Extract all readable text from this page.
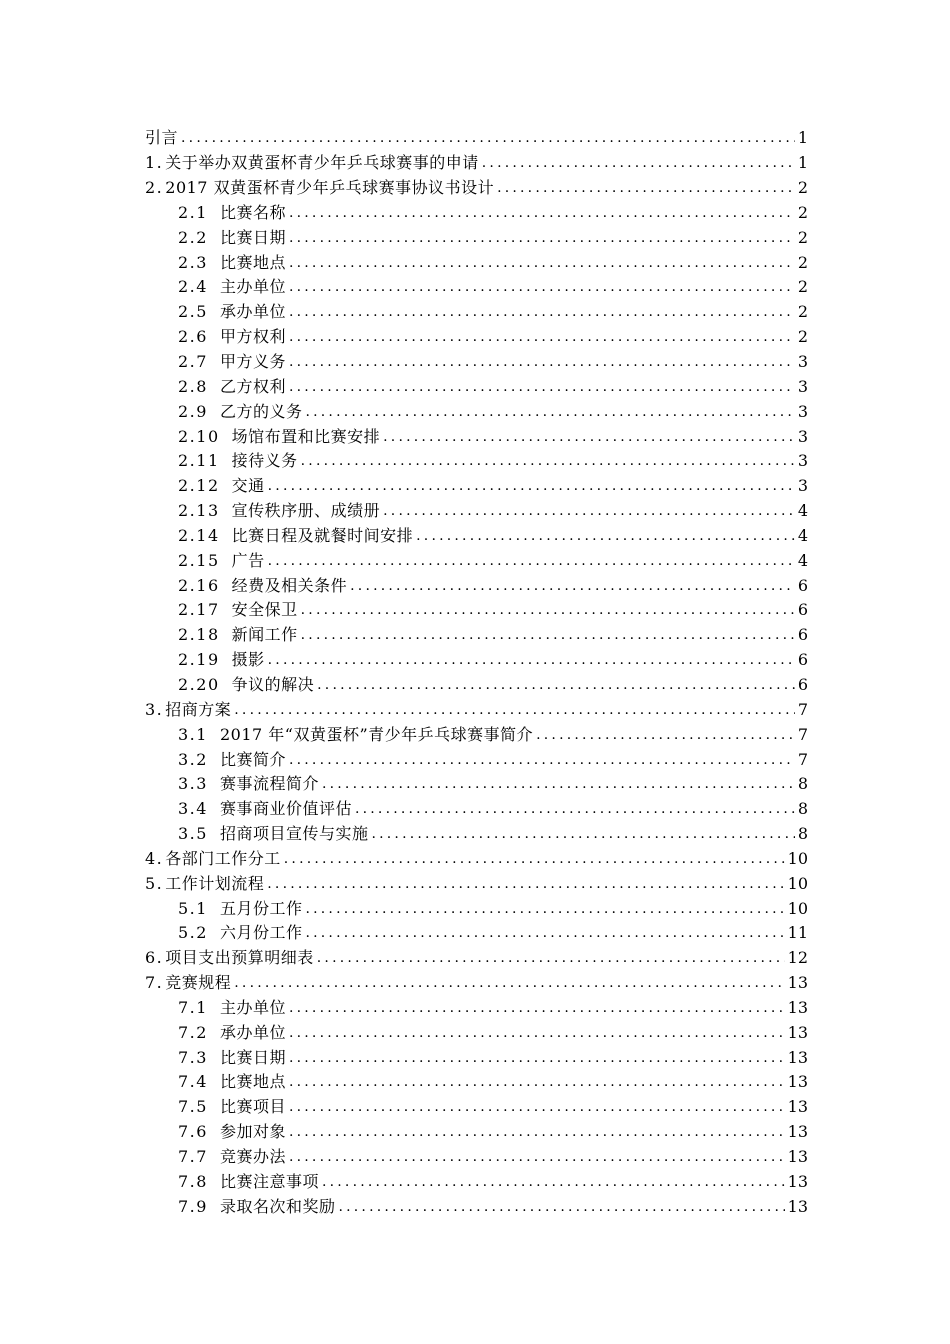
引言 .....	1
1. 关于举办双黄蛋杯青少年乒乓球赛事的申请 .....	1
2. 2017 双黄蛋杯青少年乒乓球赛事协议书设计 .....	2
2.1 比赛名称 .....	2
2.2 比赛日期 .....	2
2.3 比赛地点 .....	2
2.4 主办单位 .....	2
2.5 承办单位 .....	2
2.6 甲方权利 .....	2
2.7 甲方义务 .....	3
2.8 乙方权利 .....	3
2.9 乙方的义务 .....	3
2.10 场馆布置和比赛安排 .....	3
2.11 接待义务 .....	3
2.12 交通 .....	3
2.13 宣传秩序册、成绩册 .....	4
2.14 比赛日程及就餐时间安排 .....	4
2.15 广告 .....	4
2.16 经费及相关条件 .....	6
2.17 安全保卫 .....	6
2.18 新闻工作 .....	6
2.19 摄影 .....	6
2.20 争议的解决 .....	6
3. 招商方案 .....	7
3.1 2017 年“双黄蛋杯”青少年乒乓球赛事简介 .....	7
3.2 比赛简介 .....	7
3.3 赛事流程简介 .....	8
3.4 赛事商业价值评估 .....	8
3.5 招商项目宣传与实施 .....	8
4. 各部门工作分工 .....	10
5. 工作计划流程 .....	10
5.1 五月份工作 .....	10
5.2 六月份工作 .....	11
6. 项目支出预算明细表 .....	12
7. 竞赛规程 .....	13
7.1 主办单位 .....	13
7.2 承办单位 .....	13
7.3 比赛日期 .....	13
7.4 比赛地点 .....	13
7.5 比赛项目 .....	13
7.6 参加对象 .....	13
7.7 竞赛办法 .....	13
7.8 比赛注意事项 .....	13
7.9 录取名次和奖励 .....	13
